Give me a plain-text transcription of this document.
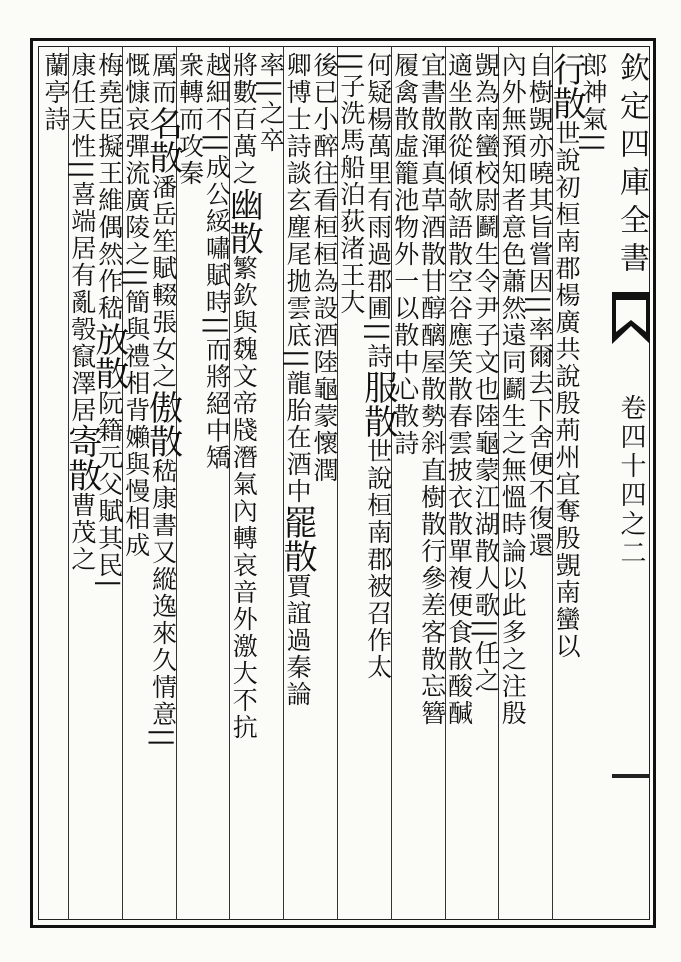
欽定四庫全書
卷四十四之二
郎神氣||
行散世說初桓南郡楊廣共說殷荊州宜奪殷覬南蠻以
自樹覬亦曉其旨嘗因||率爾去下舍便不復還
內外無預知者意色蕭然遠同鬬生之無慍時論以此多之注殷
覬為南蠻校尉鬬生令尹子文也陸龜蒙江湖散人歌||任之
適坐散從傾欹語散空谷應笑散春雲披衣散單複便食散酸醎
宜書散渾真草酒散甘醇醨屋散勢斜直樹散行參差客散忘簪
履禽散虛籠池物外一以散中心散詩
何疑楊萬里有雨過郡圃||詩服散世說桓南郡被召作太
||子洗馬船泊荻渚王大
後已小醉往看桓桓為設酒陸龜蒙懷潤
卿博士詩談玄塵尾拋雲底||龍胎在酒中罷散賈誼過秦論
率||之卒
將數百萬之幽散繁欽與魏文帝牋潛氣內轉哀音外激大不抗
越細不||成公綏嘯賦時||而將絕中矯
衆轉而攻秦
厲而名散潘岳笙賦輟張女之傲散嵇康書又縱逸來久情意||
慨慷哀彈流廣陵之||簡與禮相背嬾與慢相成
梅堯臣擬王維偶然作嵇放散阮籍元父賦其民|
康任天性||喜端居有亂彀竄澤居寄散曹茂之
蘭亭詩
